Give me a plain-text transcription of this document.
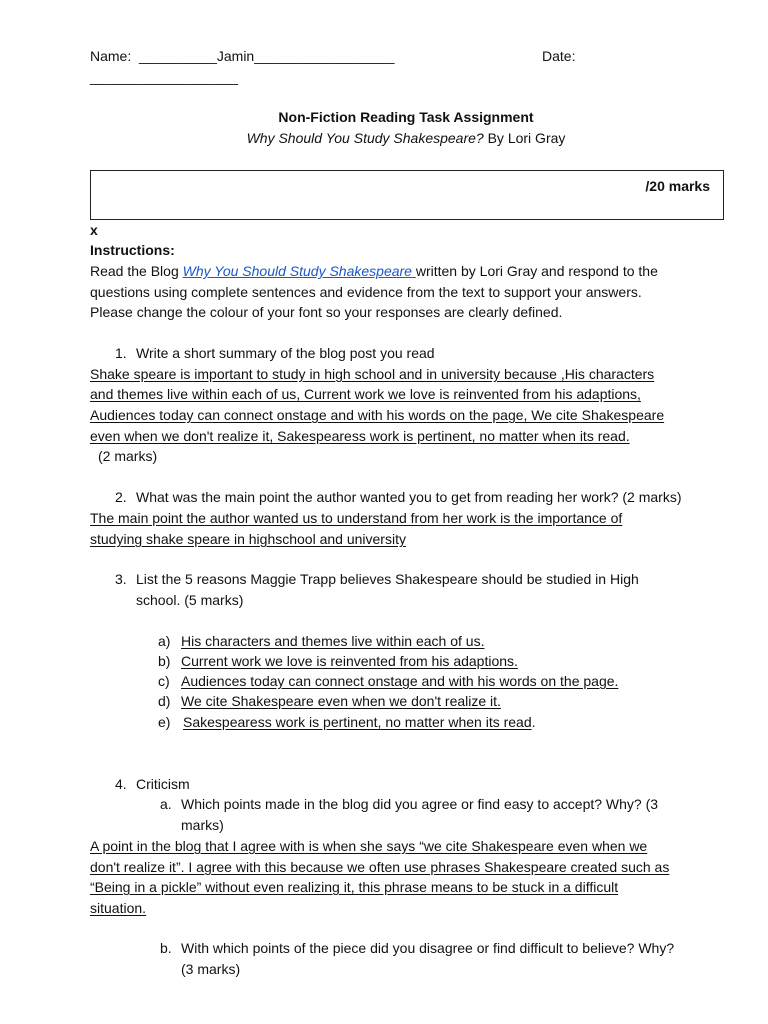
Name: __________Jamin__________________	Date:
___________________
Non-Fiction Reading Task Assignment
Why Should You Study Shakespeare? By Lori Gray
/20 marks
x
Instructions:
Read the Blog Why You Should Study Shakespeare written by Lori Gray and respond to the
questions using complete sentences and evidence from the text to support your answers.
Please change the colour of your font so your responses are clearly defined.
1. Write a short summary of the blog post you read
Shake speare is important to study in high school and in university because ,His characters
and themes live within each of us, Current work we love is reinvented from his adaptions,
Audiences today can connect onstage and with his words on the page, We cite Shakespeare
even when we don't realize it, Sakespearess work is pertinent, no matter when its read.
(2 marks)
2. What was the main point the author wanted you to get from reading her work? (2 marks)
The main point the author wanted us to understand from her work is the importance of
studying shake speare in highschool and university
3. List the 5 reasons Maggie Trapp believes Shakespeare should be studied in High
school. (5 marks)
a) His characters and themes live within each of us.
b) Current work we love is reinvented from his adaptions.
c) Audiences today can connect onstage and with his words on the page.
d) We cite Shakespeare even when we don't realize it.
e) Sakespearess work is pertinent, no matter when its read.
4. Criticism
a. Which points made in the blog did you agree or find easy to accept? Why? (3
marks)
A point in the blog that I agree with is when she says “we cite Shakespeare even when we
don't realize it”. I agree with this because we often use phrases Shakespeare created such as
“Being in a pickle” without even realizing it, this phrase means to be stuck in a difficult
situation.
b. With which points of the piece did you disagree or find difficult to believe? Why?
(3 marks)
